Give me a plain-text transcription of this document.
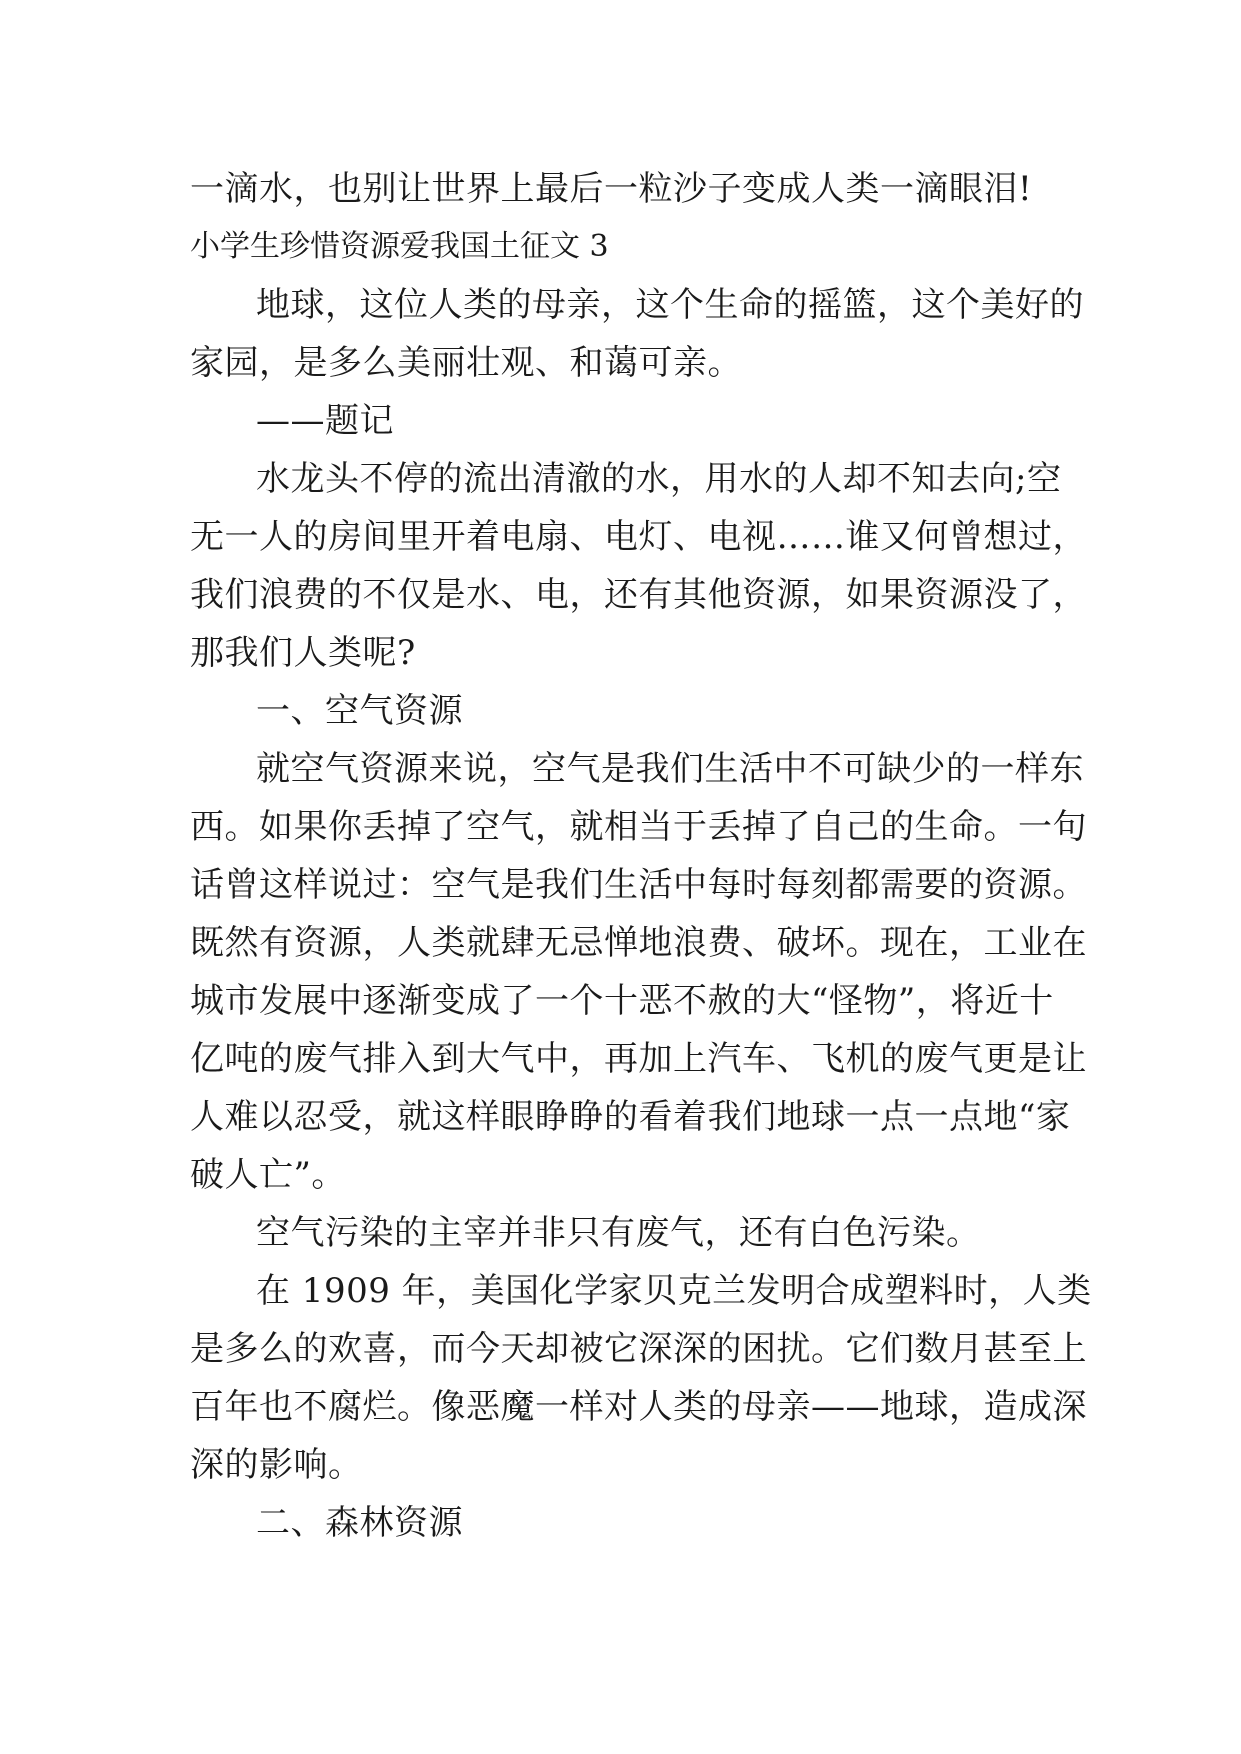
一滴水，也别让世界上最后一粒沙子变成人类一滴眼泪!
小学生珍惜资源爱我国土征文 3
地球，这位人类的母亲，这个生命的摇篮，这个美好的
家园，是多么美丽壮观、和蔼可亲。
——题记
水龙头不停的流出清澈的水，用水的人却不知去向;空
无一人的房间里开着电扇、电灯、电视……谁又何曾想过，
我们浪费的不仅是水、电，还有其他资源，如果资源没了，
那我们人类呢?
一、空气资源
就空气资源来说，空气是我们生活中不可缺少的一样东
西。如果你丢掉了空气，就相当于丢掉了自己的生命。一句
话曾这样说过：空气是我们生活中每时每刻都需要的资源。
既然有资源，人类就肆无忌惮地浪费、破坏。现在，工业在
城市发展中逐渐变成了一个十恶不赦的大“怪物”，将近十
亿吨的废气排入到大气中，再加上汽车、飞机的废气更是让
人难以忍受，就这样眼睁睁的看着我们地球一点一点地“家
破人亡”。
空气污染的主宰并非只有废气，还有白色污染。
在 1909 年，美国化学家贝克兰发明合成塑料时，人类
是多么的欢喜，而今天却被它深深的困扰。它们数月甚至上
百年也不腐烂。像恶魔一样对人类的母亲——地球，造成深
深的影响。
二、森林资源
